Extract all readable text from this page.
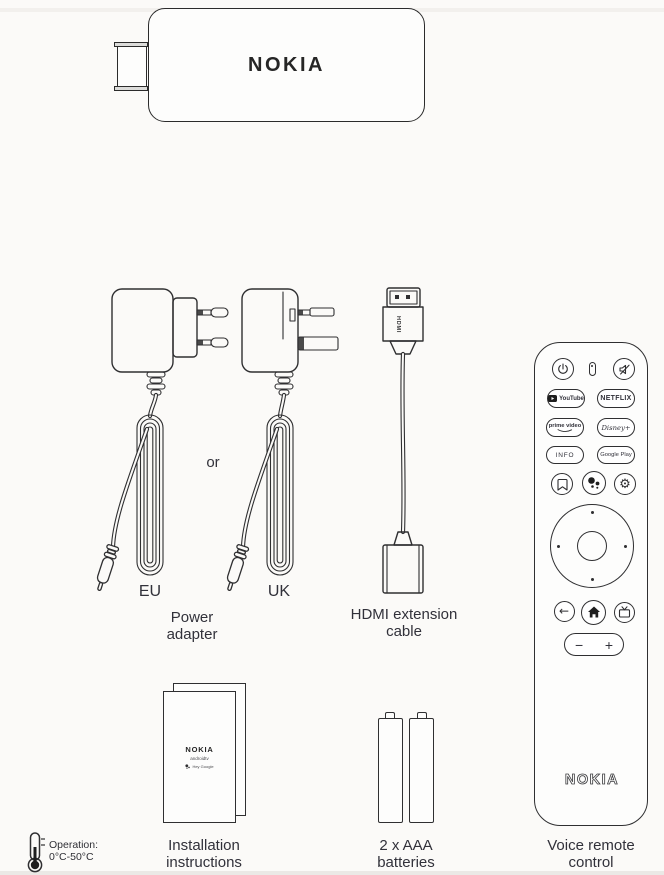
NOKIA
or
EU	UK
Power
adapter
HDMI
HDMI extension
cable
YouTube NETFLIX
prime video	Disney+
INFO	Google Play
⚙
←
− +
NOKIA
Voice remote
control
NOKIA
androidtv
Hey Google
Installation
instructions
2 x AAA
batteries
Operation:
0°C-50°C
